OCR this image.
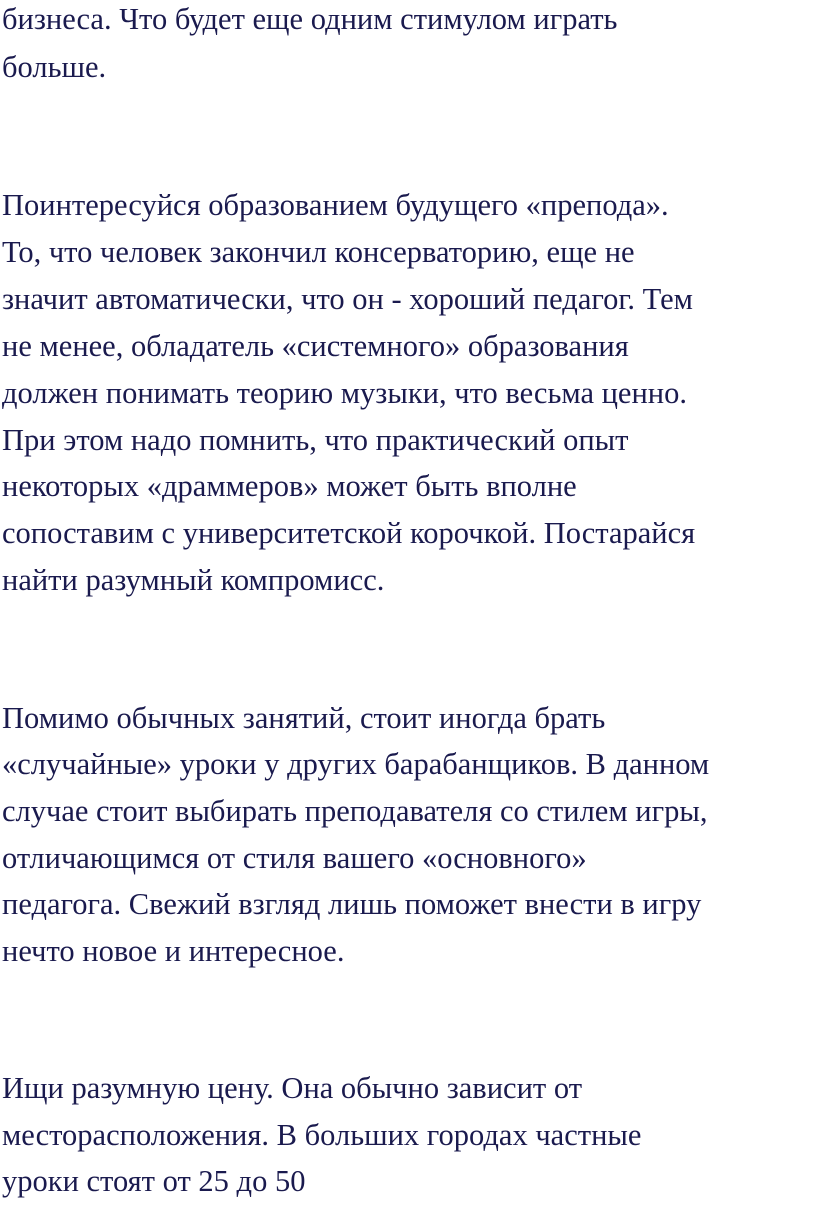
бизнеса. Что будет еще одним стимулом играть

больше.

Поинтересуйся образованием будущего «препода».

То, что человек закончил консерваторию, еще не

значит автоматически, что он - хороший педагог. Тем

не менее, обладатель «системного» образования

должен понимать теорию музыки, что весьма ценно.

При этом надо помнить, что практический опыт

некоторых «драммеров» может быть вполне

сопоставим с университетской корочкой. Постарайся

найти разумный компромисс.

Помимо обычных занятий, стоит иногда брать

«случайные» уроки у других барабанщиков. В данном

случае стоит выбирать преподавателя со стилем игры,

отличающимся от стиля вашего «основного»

педагога. Свежий взгляд лишь поможет внести в игру

нечто новое и интересное.

Ищи разумную цену. Она обычно зависит от

месторасположения. В больших городах частные

уроки стоят от 25 до 50
